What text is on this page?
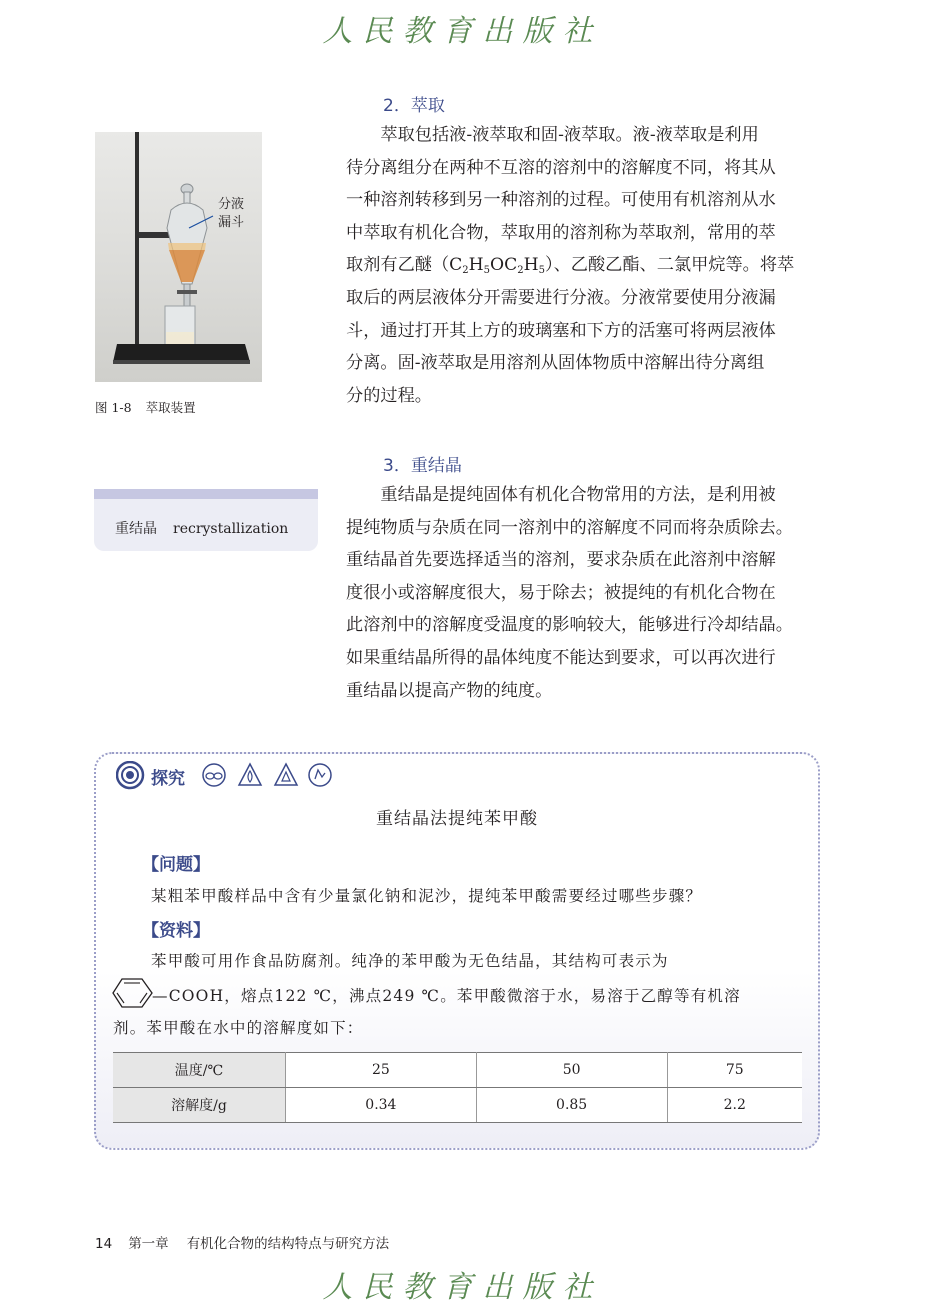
人民教育出版社
分液
漏斗
图 1-8 萃取装置
2．萃取
萃取包括液-液萃取和固-液萃取。液-液萃取是利用
待分离组分在两种不互溶的溶剂中的溶解度不同，将其从
一种溶剂转移到另一种溶剂的过程。可使用有机溶剂从水
中萃取有机化合物，萃取用的溶剂称为萃取剂，常用的萃
取剂有乙醚$(C_2H_5OC_2H_5)$、乙酸乙酯、二氯甲烷等。将萃
取后的两层液体分开需要进行分液。分液常要使用分液漏
斗，通过打开其上方的玻璃塞和下方的活塞可将两层液体
分离。固-液萃取是用溶剂从固体物质中溶解出待分离组
分的过程。
重结晶 recrystallization
3．重结晶
重结晶是提纯固体有机化合物常用的方法，是利用被
提纯物质与杂质在同一溶剂中的溶解度不同而将杂质除去。
重结晶首先要选择适当的溶剂，要求杂质在此溶剂中溶解
度很小或溶解度很大，易于除去；被提纯的有机化合物在
此溶剂中的溶解度受温度的影响较大，能够进行冷却结晶。
如果重结晶所得的晶体纯度不能达到要求，可以再次进行
重结晶以提高产物的纯度。
探究
重结晶法提纯苯甲酸
【问题】
某粗苯甲酸样品中含有少量氯化钠和泥沙，提纯苯甲酸需要经过哪些步骤？
【资料】
苯甲酸可用作食品防腐剂。纯净的苯甲酸为无色结晶，其结构可表示为
—COOH，熔点122 ℃，沸点249 ℃。苯甲酸微溶于水，易溶于乙醇等有机溶
剂。苯甲酸在水中的溶解度如下：
温度/℃	25	50	75
溶解度/g	0.34	0.85	2.2
14 第一章 有机化合物的结构特点与研究方法
人民教育出版社
